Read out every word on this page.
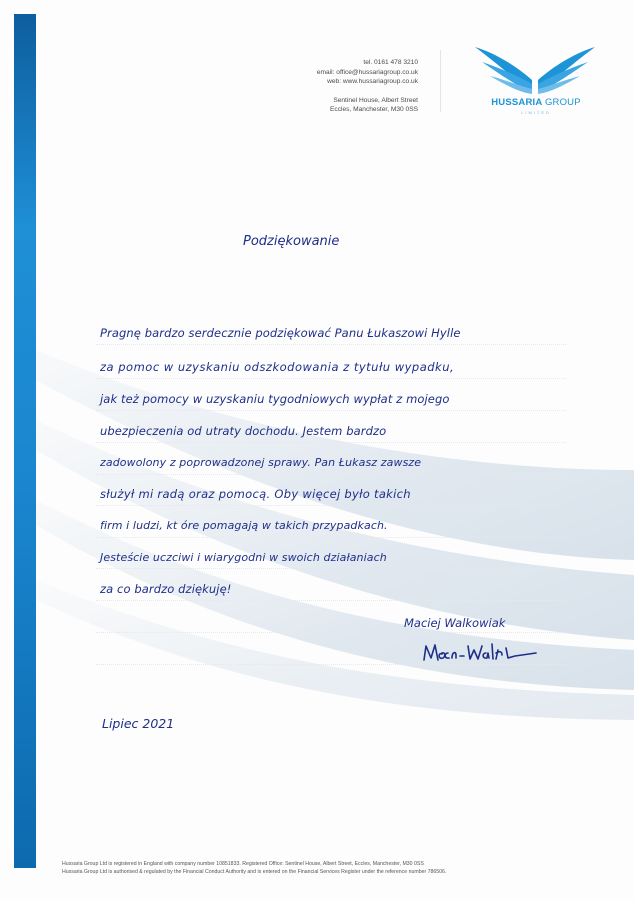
tel. 0161 478 3210
email: office@hussariagroup.co.uk
web: www.hussariagroup.co.uk
Sentinel House, Albert Street
Eccles, Manchester, M30 0SS
HUSSARIA GROUP
LIMITED
Podziękowanie
Pragnę bardzo serdecznie podziękować Panu Łukaszowi Hylle
za pomoc w uzyskaniu odszkodowania z tytułu wypadku,
jak też pomocy w uzyskaniu tygodniowych wypłat z mojego
ubezpieczenia od utraty dochodu. Jestem bardzo
zadowolony z poprowadzonej sprawy. Pan Łukasz zawsze
służył mi radą oraz pomocą. Oby więcej było takich
firm i ludzi, kt óre pomagają w takich przypadkach.
Jesteście uczciwi i wiarygodni w swoich działaniach
za co bardzo dziękuję!
Maciej Walkowiak
Lipiec 2021
Hussaria Group Ltd is registered in England with company number 10851833. Registered Office: Sentinel House, Albert Street, Eccles, Manchester, M30 0SS
Hussaria Group Ltd is authorised & regulated by the Financial Conduct Authority and is entered on the Financial Services Register under the reference number 786506.
